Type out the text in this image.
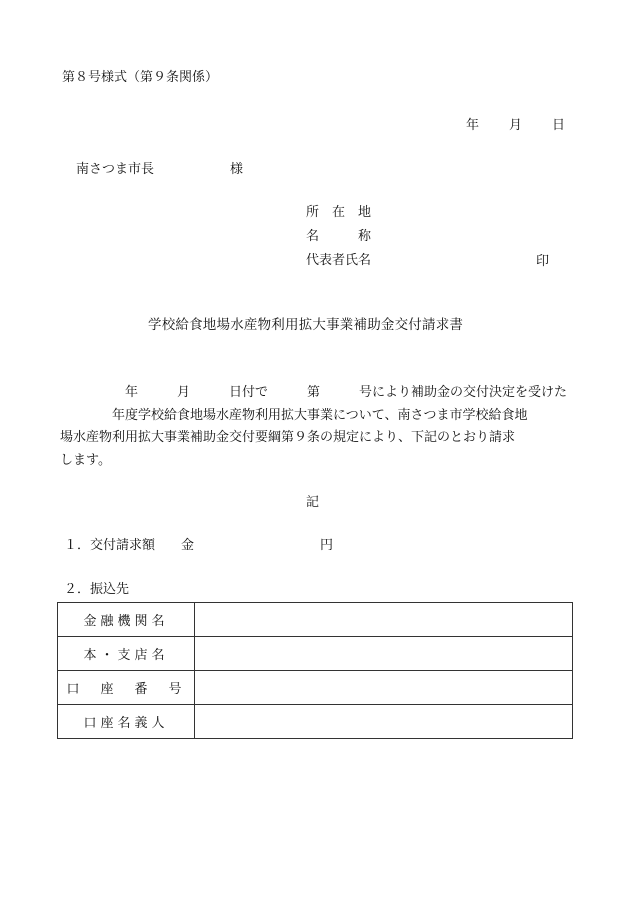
第８号様式（第９条関係）
年 月 日
南さつま市長	様
所　在　地
名　　　称
代表者氏名	印
学校給食地場水産物利用拡大事業補助金交付請求書

　　　　　年　　　月　　　日付で　　　第　　　号により補助金の交付決定を受けた

　　　　年度学校給食地場水産物利用拡大事業について、南さつま市学校給食地

場水産物利用拡大事業補助金交付要綱第９条の規定により、下記のとおり請求

します。

記
１．交付請求額 金	円
２．振込先
金融機関名	
本・支店名	
口　座　番　号	
口座名義人	
